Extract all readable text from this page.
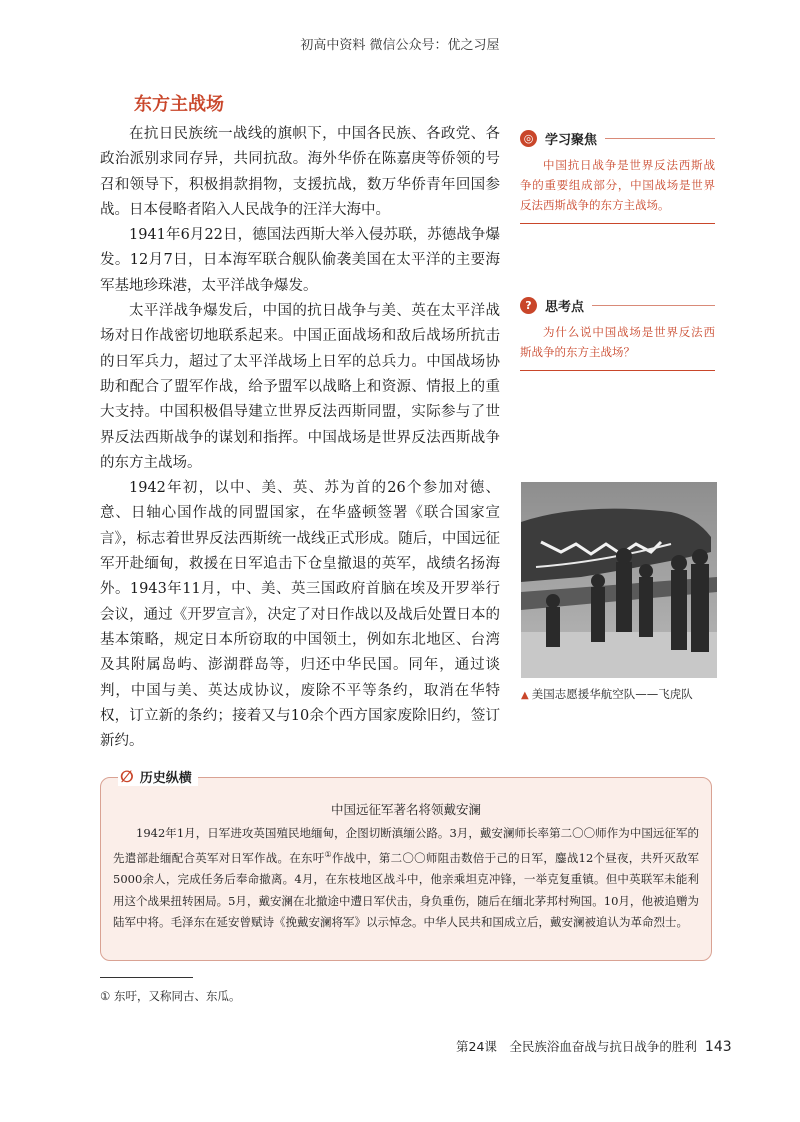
初高中资料 微信公众号：优之习屋
东方主战场

在抗日民族统一战线的旗帜下，中国各民族、各政党、各政治派别求同存异，共同抗敌。海外华侨在陈嘉庚等侨领的号召和领导下，积极捐款捐物，支援抗战，数万华侨青年回国参战。日本侵略者陷入人民战争的汪洋大海中。

1941年6月22日，德国法西斯大举入侵苏联，苏德战争爆发。12月7日，日本海军联合舰队偷袭美国在太平洋的主要海军基地珍珠港，太平洋战争爆发。

太平洋战争爆发后，中国的抗日战争与美、英在太平洋战场对日作战密切地联系起来。中国正面战场和敌后战场所抗击的日军兵力，超过了太平洋战场上日军的总兵力。中国战场协助和配合了盟军作战，给予盟军以战略上和资源、情报上的重大支持。中国积极倡导建立世界反法西斯同盟，实际参与了世界反法西斯战争的谋划和指挥。中国战场是世界反法西斯战争的东方主战场。

1942年初，以中、美、英、苏为首的26个参加对德、意、日轴心国作战的同盟国家，在华盛顿签署《联合国家宣言》，标志着世界反法西斯统一战线正式形成。随后，中国远征军开赴缅甸，救援在日军追击下仓皇撤退的英军，战绩名扬海外。1943年11月，中、美、英三国政府首脑在埃及开罗举行会议，通过《开罗宣言》，决定了对日作战以及战后处置日本的基本策略，规定日本所窃取的中国领土，例如东北地区、台湾及其附属岛屿、澎湖群岛等，归还中华民国。同年，通过谈判，中国与美、英达成协议，废除不平等条约，取消在华特权，订立新的条约；接着又与10余个西方国家废除旧约，签订新约。

◎ 学习聚焦
中国抗日战争是世界反法西斯战争的重要组成部分，中国战场是世界反法西斯战争的东方主战场。
?	思考点
为什么说中国战场是世界反法西斯战争的东方主战场？
▲ 美国志愿援华航空队——飞虎队
∅ 历史纵横
中国远征军著名将领戴安澜
1942年1月，日军进攻英国殖民地缅甸，企图切断滇缅公路。3月，戴安澜师长率第二〇〇师作为中国远征军的先遣部赴缅配合英军对日军作战。在东吁①作战中，第二〇〇师阻击数倍于己的日军，鏖战12个昼夜，共歼灭敌军5000余人，完成任务后奉命撤离。4月，在东枝地区战斗中，他亲乘坦克冲锋，一举克复重镇。但中英联军未能利用这个战果扭转困局。5月，戴安澜在北撤途中遭日军伏击，身负重伤，随后在缅北茅邦村殉国。10月，他被追赠为陆军中将。毛泽东在延安曾赋诗《挽戴安澜将军》以示悼念。中华人民共和国成立后，戴安澜被追认为革命烈士。
① 东吁，又称同古、东瓜。
第24课　全民族浴血奋战与抗日战争的胜利 143
